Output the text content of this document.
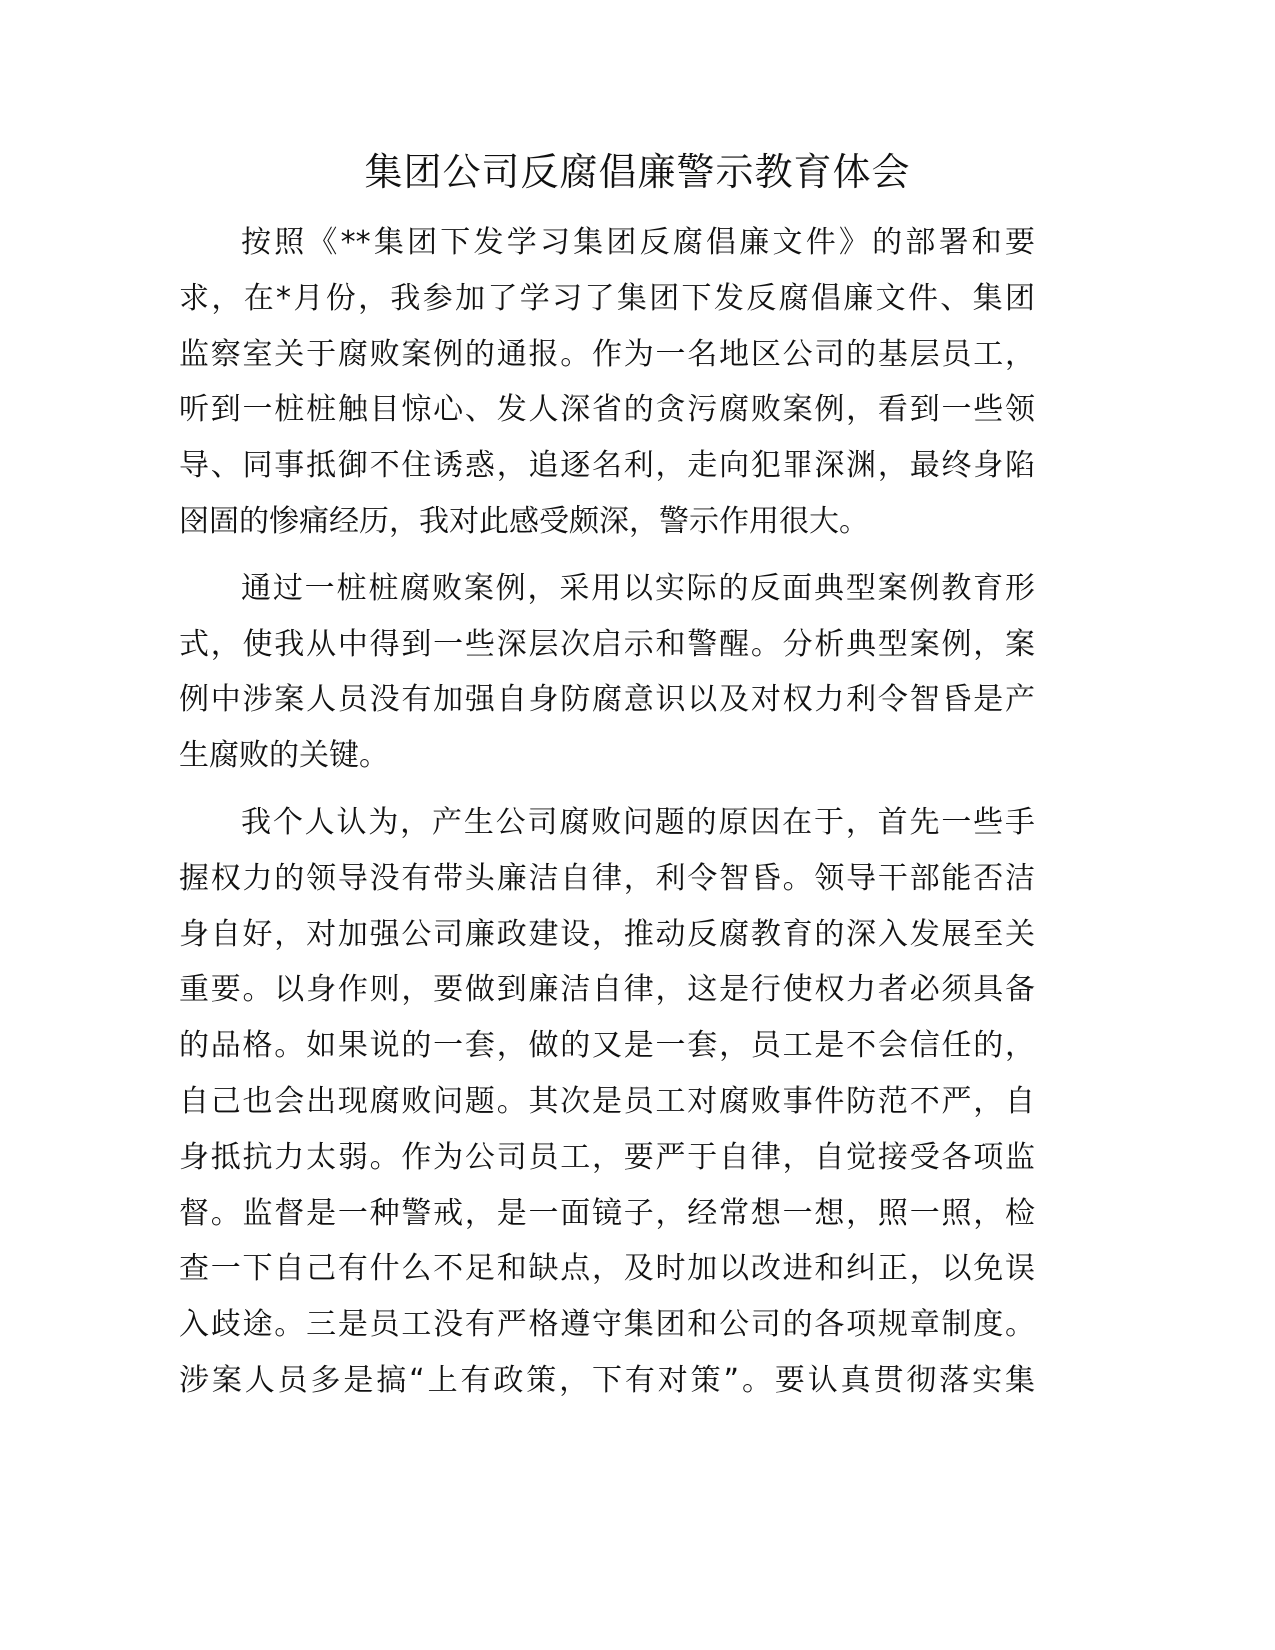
集团公司反腐倡廉警示教育体会
按照《**集团下发学习集团反腐倡廉文件》的部署和要
求，在*月份，我参加了学习了集团下发反腐倡廉文件、集团
监察室关于腐败案例的通报。作为一名地区公司的基层员工，
听到一桩桩触目惊心、发人深省的贪污腐败案例，看到一些领
导、同事抵御不住诱惑，追逐名利，走向犯罪深渊，最终身陷
囹圄的惨痛经历，我对此感受颇深，警示作用很大。
通过一桩桩腐败案例，采用以实际的反面典型案例教育形
式，使我从中得到一些深层次启示和警醒。分析典型案例，案
例中涉案人员没有加强自身防腐意识以及对权力利令智昏是产
生腐败的关键。
我个人认为，产生公司腐败问题的原因在于，首先一些手
握权力的领导没有带头廉洁自律，利令智昏。领导干部能否洁
身自好，对加强公司廉政建设，推动反腐教育的深入发展至关
重要。以身作则，要做到廉洁自律，这是行使权力者必须具备
的品格。如果说的一套，做的又是一套，员工是不会信任的，
自己也会出现腐败问题。其次是员工对腐败事件防范不严，自
身抵抗力太弱。作为公司员工，要严于自律，自觉接受各项监
督。监督是一种警戒，是一面镜子，经常想一想，照一照，检
查一下自己有什么不足和缺点，及时加以改进和纠正，以免误
入歧途。三是员工没有严格遵守集团和公司的各项规章制度。
涉案人员多是搞“上有政策，下有对策”。要认真贯彻落实集
